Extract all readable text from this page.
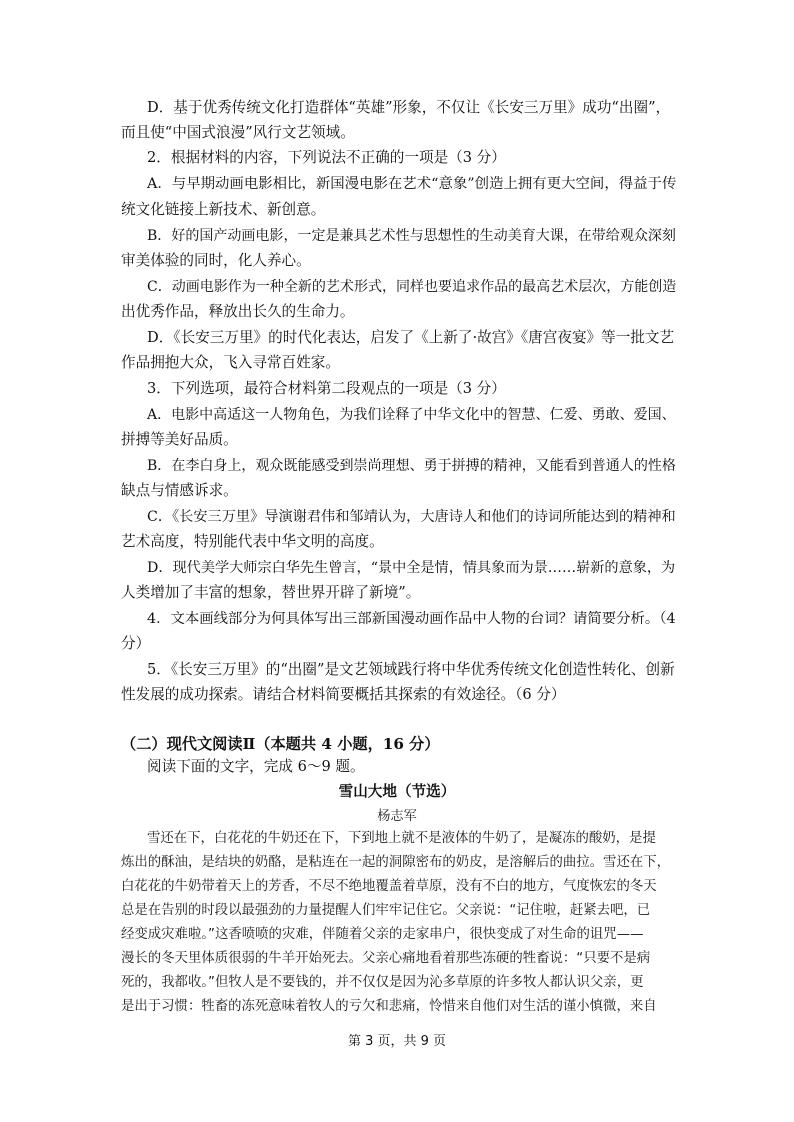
D．基于优秀传统文化打造群体“英雄”形象，不仅让《长安三万里》成功“出圈”，
而且使“中国式浪漫”风行文艺领域。
2．根据材料的内容，下列说法不正确的一项是（3 分）
A．与早期动画电影相比，新国漫电影在艺术“意象”创造上拥有更大空间，得益于传
统文化链接上新技术、新创意。
B．好的国产动画电影，一定是兼具艺术性与思想性的生动美育大课，在带给观众深刻
审美体验的同时，化人养心。
C．动画电影作为一种全新的艺术形式，同样也要追求作品的最高艺术层次，方能创造
出优秀作品，释放出长久的生命力。
D．《长安三万里》的时代化表达，启发了《上新了·故宫》《唐宫夜宴》等一批文艺
作品拥抱大众，飞入寻常百姓家。
3．下列选项，最符合材料第二段观点的一项是（3 分）
A．电影中高适这一人物角色，为我们诠释了中华文化中的智慧、仁爱、勇敢、爱国、
拼搏等美好品质。
B．在李白身上，观众既能感受到崇尚理想、勇于拼搏的精神，又能看到普通人的性格
缺点与情感诉求。
C．《长安三万里》导演谢君伟和邹靖认为，大唐诗人和他们的诗词所能达到的精神和
艺术高度，特别能代表中华文明的高度。
D．现代美学大师宗白华先生曾言，“景中全是情，情具象而为景……崭新的意象，为
人类增加了丰富的想象，替世界开辟了新境”。
4．文本画线部分为何具体写出三部新国漫动画作品中人物的台词？请简要分析。（4
分）
5．《长安三万里》的“出圈”是文艺领域践行将中华优秀传统文化创造性转化、创新
性发展的成功探索。请结合材料简要概括其探索的有效途径。（6 分）
（二）现代文阅读Ⅱ（本题共 4 小题，16 分）
阅读下面的文字，完成 6～9 题。
雪山大地（节选）
杨志军
雪还在下，白花花的牛奶还在下，下到地上就不是液体的牛奶了，是凝冻的酸奶，是提
炼出的酥油，是结块的奶酪，是粘连在一起的洞隙密布的奶皮，是溶解后的曲拉。雪还在下，
白花花的牛奶带着天上的芳香，不尽不绝地覆盖着草原，没有不白的地方，气度恢宏的冬天
总是在告别的时段以最强劲的力量提醒人们牢牢记住它。父亲说：“记住啦，赶紧去吧，已
经变成灾难啦。”这香喷喷的灾难，伴随着父亲的走家串户，很快变成了对生命的诅咒——
漫长的冬天里体质很弱的牛羊开始死去。父亲心痛地看着那些冻硬的牲畜说：“只要不是病
死的，我都收。”但牧人是不要钱的，并不仅仅是因为沁多草原的许多牧人都认识父亲，更
是出于习惯：牲畜的冻死意味着牧人的亏欠和悲痛，怜惜来自他们对生活的谨小慎微，来自
第 3 页，共 9 页
